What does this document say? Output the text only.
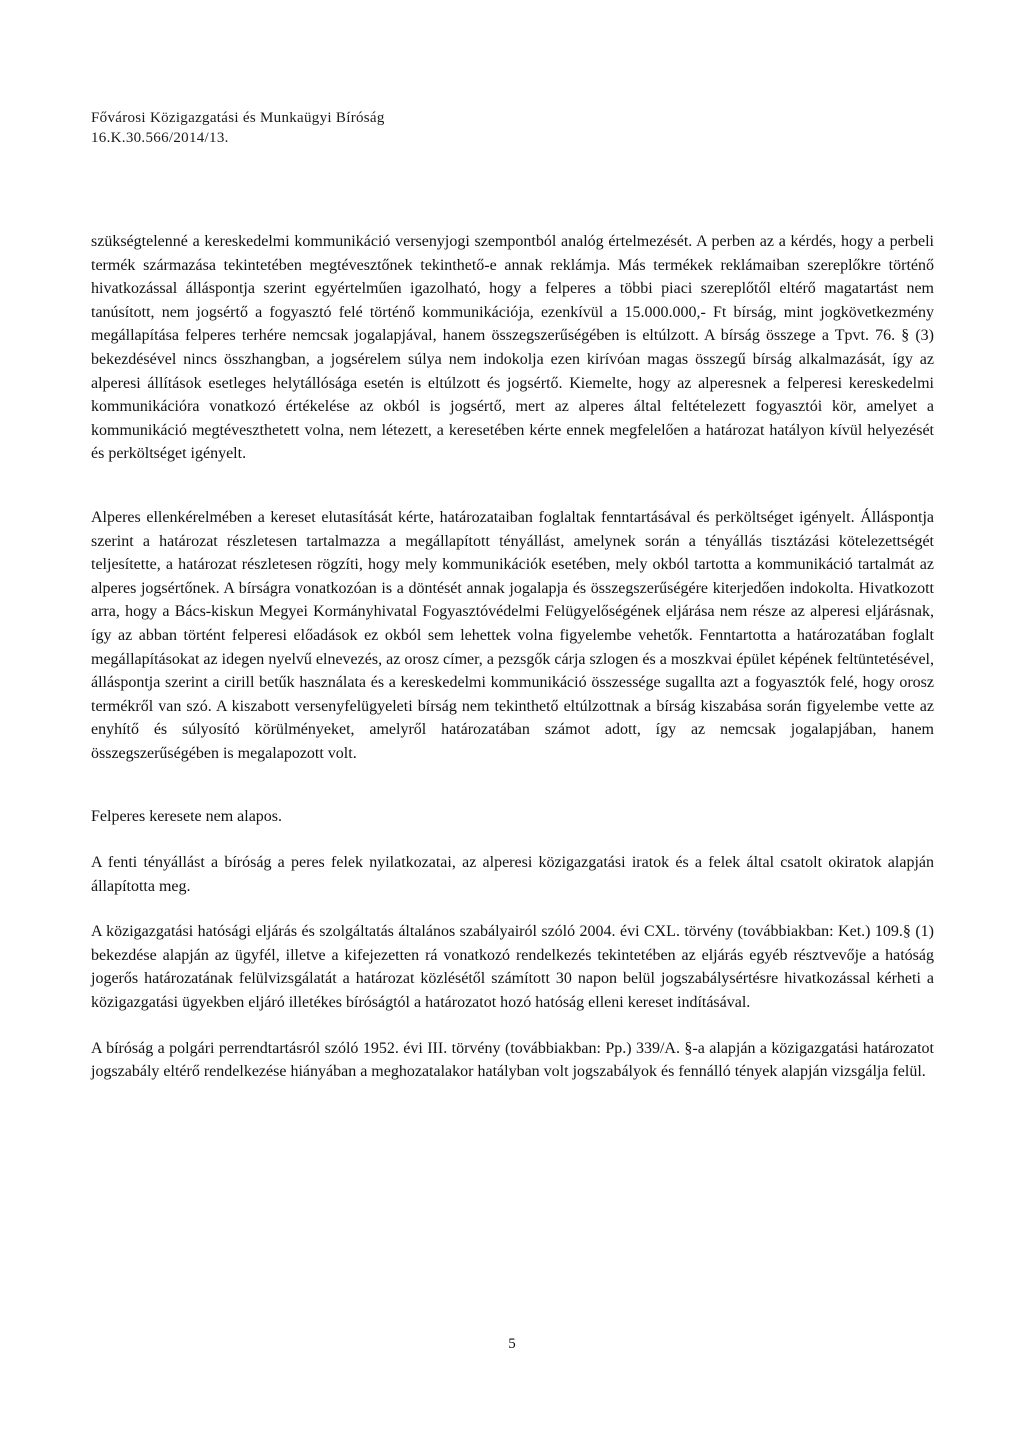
Fővárosi Közigazgatási és Munkaügyi Bíróság
16.K.30.566/2014/13.

szükségtelenné a kereskedelmi kommunikáció versenyjogi szempontból analóg értelmezését. A perben az a kérdés, hogy a perbeli termék származása tekintetében megtévesztőnek tekinthető-e annak reklámja. Más termékek reklámaiban szereplőkre történő hivatkozással álláspontja szerint egyértelműen igazolható, hogy a felperes a többi piaci szereplőtől eltérő magatartást nem tanúsított, nem jogsértő a fogyasztó felé történő kommunikációja, ezenkívül a 15.000.000,- Ft bírság, mint jogkövetkezmény megállapítása felperes terhére nemcsak jogalapjával, hanem összegszerűségében is eltúlzott. A bírság összege a Tpvt. 76. § (3) bekezdésével nincs összhangban, a jogsérelem súlya nem indokolja ezen kirívóan magas összegű bírság alkalmazását, így az alperesi állítások esetleges helytállósága esetén is eltúlzott és jogsértő. Kiemelte, hogy az alperesnek a felperesi kereskedelmi kommunikációra vonatkozó értékelése az okból is jogsértő, mert az alperes által feltételezett fogyasztói kör, amelyet a kommunikáció megtéveszthetett volna, nem létezett, a keresetében kérte ennek megfelelően a határozat hatályon kívül helyezését és perköltséget igényelt.

Alperes ellenkérelmében a kereset elutasítását kérte, határozataiban foglaltak fenntartásával és perköltséget igényelt. Álláspontja szerint a határozat részletesen tartalmazza a megállapított tényállást, amelynek során a tényállás tisztázási kötelezettségét teljesítette, a határozat részletesen rögzíti, hogy mely kommunikációk esetében, mely okból tartotta a kommunikáció tartalmát az alperes jogsértőnek. A bírságra vonatkozóan is a döntését annak jogalapja és összegszerűségére kiterjedően indokolta. Hivatkozott arra, hogy a Bács-kiskun Megyei Kormányhivatal Fogyasztóvédelmi Felügyelőségének eljárása nem része az alperesi eljárásnak, így az abban történt felperesi előadások ez okból sem lehettek volna figyelembe vehetők. Fenntartotta a határozatában foglalt megállapításokat az idegen nyelvű elnevezés, az orosz címer, a pezsgők cárja szlogen és a moszkvai épület képének feltüntetésével, álláspontja szerint a cirill betűk használata és a kereskedelmi kommunikáció összessége sugallta azt a fogyasztók felé, hogy orosz termékről van szó. A kiszabott versenyfelügyeleti bírság nem tekinthető eltúlzottnak a bírság kiszabása során figyelembe vette az enyhítő és súlyosító körülményeket, amelyről határozatában számot adott, így az nemcsak jogalapjában, hanem összegszerűségében is megalapozott volt.

Felperes keresete nem alapos.

A fenti tényállást a bíróság a peres felek nyilatkozatai, az alperesi közigazgatási iratok és a felek által csatolt okiratok alapján állapította meg.

A közigazgatási hatósági eljárás és szolgáltatás általános szabályairól szóló 2004. évi CXL. törvény (továbbiakban: Ket.) 109.§ (1) bekezdése alapján az ügyfél, illetve a kifejezetten rá vonatkozó rendelkezés tekintetében az eljárás egyéb résztvevője a hatóság jogerős határozatának felülvizsgálatát a határozat közlésétől számított 30 napon belül jogszabálysértésre hivatkozással kérheti a közigazgatási ügyekben eljáró illetékes bíróságtól a határozatot hozó hatóság elleni kereset indításával.

A bíróság a polgári perrendtartásról szóló 1952. évi III. törvény (továbbiakban: Pp.) 339/A. §-a alapján a közigazgatási határozatot jogszabály eltérő rendelkezése hiányában a meghozatalakor hatályban volt jogszabályok és fennálló tények alapján vizsgálja felül.

5
